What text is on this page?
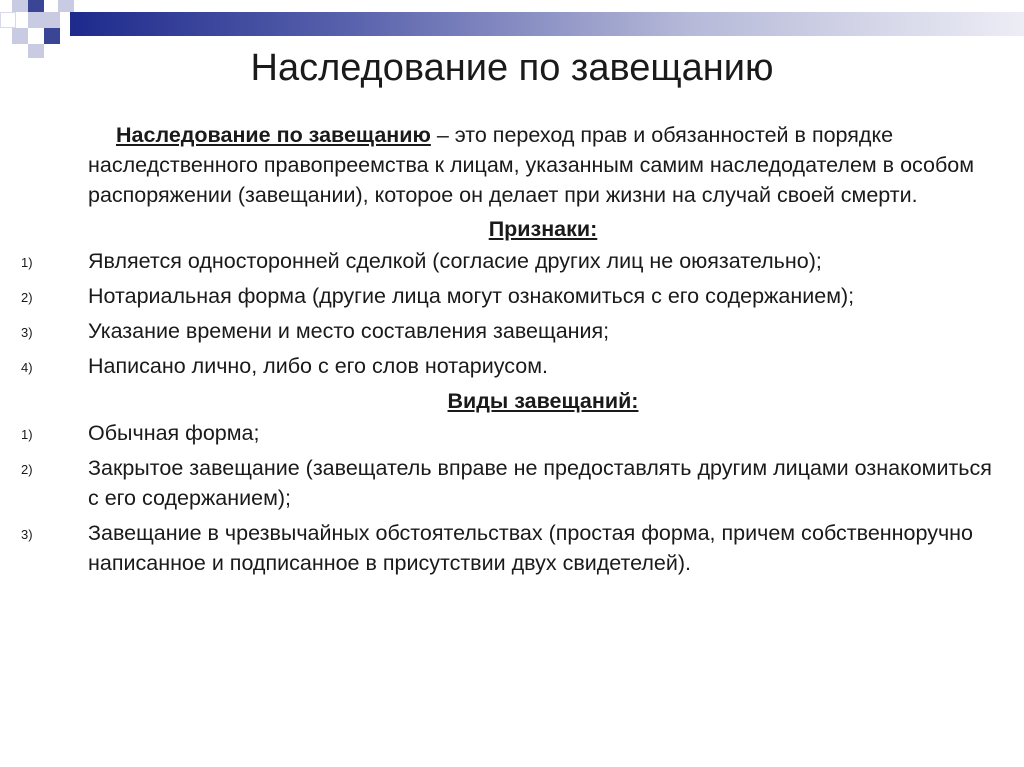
Наследование по завещанию

Наследование по завещанию – это переход прав и обязанностей в порядке наследственного правопреемства к лицам, указанным самим наследодателем в особом распоряжении (завещании), которое он делает при жизни на случай своей смерти.

Признаки:
1)	Является односторонней сделкой (согласие других лиц не оюязательно);
2)	Нотариальная форма (другие лица могут ознакомиться с его содержанием);
3)	Указание времени и место составления завещания;
4)	Написано лично, либо с его слов нотариусом.
Виды завещаний:
1)	Обычная форма;
2)	Закрытое завещание (завещатель вправе не предоставлять другим лицами ознакомиться с его содержанием);
3)	Завещание в чрезвычайных обстоятельствах (простая форма, причем собственноручно написанное и подписанное в присутствии двух свидетелей).
